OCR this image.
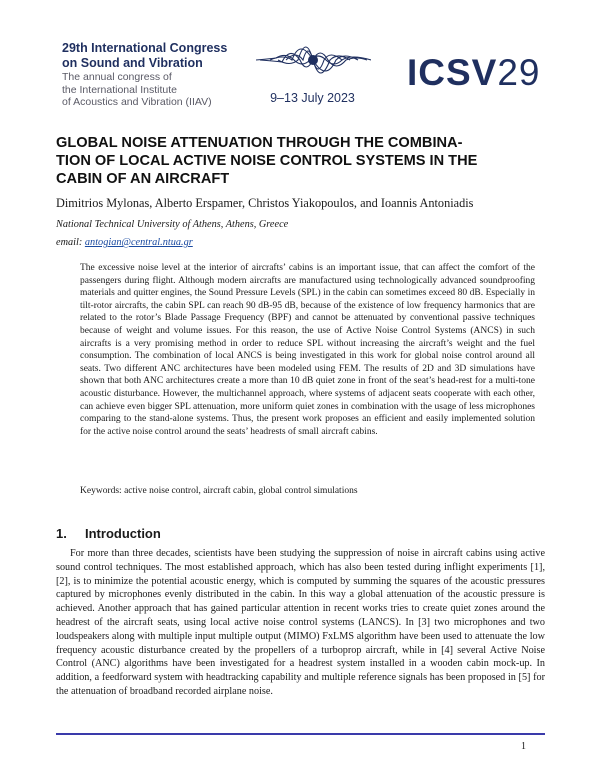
29th International Congress
on Sound and Vibration
The annual congress of
the International Institute
of Acoustics and Vibration (IIAV)	9–13 July 2023
ICSV29
GLOBAL NOISE ATTENUATION THROUGH THE COMBINA-
TION OF LOCAL ACTIVE NOISE CONTROL SYSTEMS IN THE
CABIN OF AN AIRCRAFT
Dimitrios Mylonas, Alberto Erspamer, Christos Yiakopoulos, and Ioannis Antoniadis
National Technical University of Athens, Athens, Greece
email: antogian@central.ntua.gr
The excessive noise level at the interior of aircrafts’ cabins is an important issue, that can affect the comfort of the passengers during flight. Although modern aircrafts are manufactured using technologically advanced soundproofing materials and quitter engines, the Sound Pressure Levels (SPL) in the cabin can sometimes exceed 80 dB. Especially in tilt-rotor aircrafts, the cabin SPL can reach 90 dB-95 dB, because of the existence of low frequency harmonics that are related to the rotor’s Blade Passage Frequency (BPF) and cannot be attenuated by conventional passive techniques because of weight and volume issues. For this reason, the use of Active Noise Control Systems (ANCS) in such aircrafts is a very promising method in order to reduce SPL without increasing the aircraft’s weight and the fuel consumption. The combination of local ANCS is being investigated in this work for global noise control around all seats. Two different ANC architectures have been modeled using FEM. The results of 2D and 3D simulations have shown that both ANC architectures create a more than 10 dB quiet zone in front of the seat’s head-rest for a multi-tone acoustic disturbance. However, the multichannel approach, where systems of adjacent seats cooperate with each other, can achieve even bigger SPL attenuation, more uniform quiet zones in combination with the usage of less microphones comparing to the stand-alone systems. Thus, the present work proposes an efficient and easily implemented solution for the active noise control around the seats’ headrests of small aircraft cabins.
Keywords: active noise control, aircraft cabin, global control simulations
1. Introduction

For more than three decades, scientists have been studying the suppression of noise in aircraft cabins using active sound control techniques. The most established approach, which has also been tested during inflight experiments [1], [2], is to minimize the potential acoustic energy, which is computed by summing the squares of the acoustic pressures captured by microphones evenly distributed in the cabin. In this way a global attenuation of the acoustic pressure is achieved. Another approach that has gained particular attention in recent works tries to create quiet zones around the headrest of the aircraft seats, using local active noise control systems (LANCS). In [3] two microphones and two loudspeakers along with multiple input multiple output (MIMO) FxLMS algorithm have been used to attenuate the low frequency acoustic disturbance created by the propellers of a turboprop aircraft, while in [4] several Active Noise Control (ANC) algorithms have been investigated for a headrest system installed in a wooden cabin mock-up. In addition, a feedforward system with headtracking capability and multiple reference signals has been proposed in [5] for the attenuation of broadband recorded airplane noise.

1
